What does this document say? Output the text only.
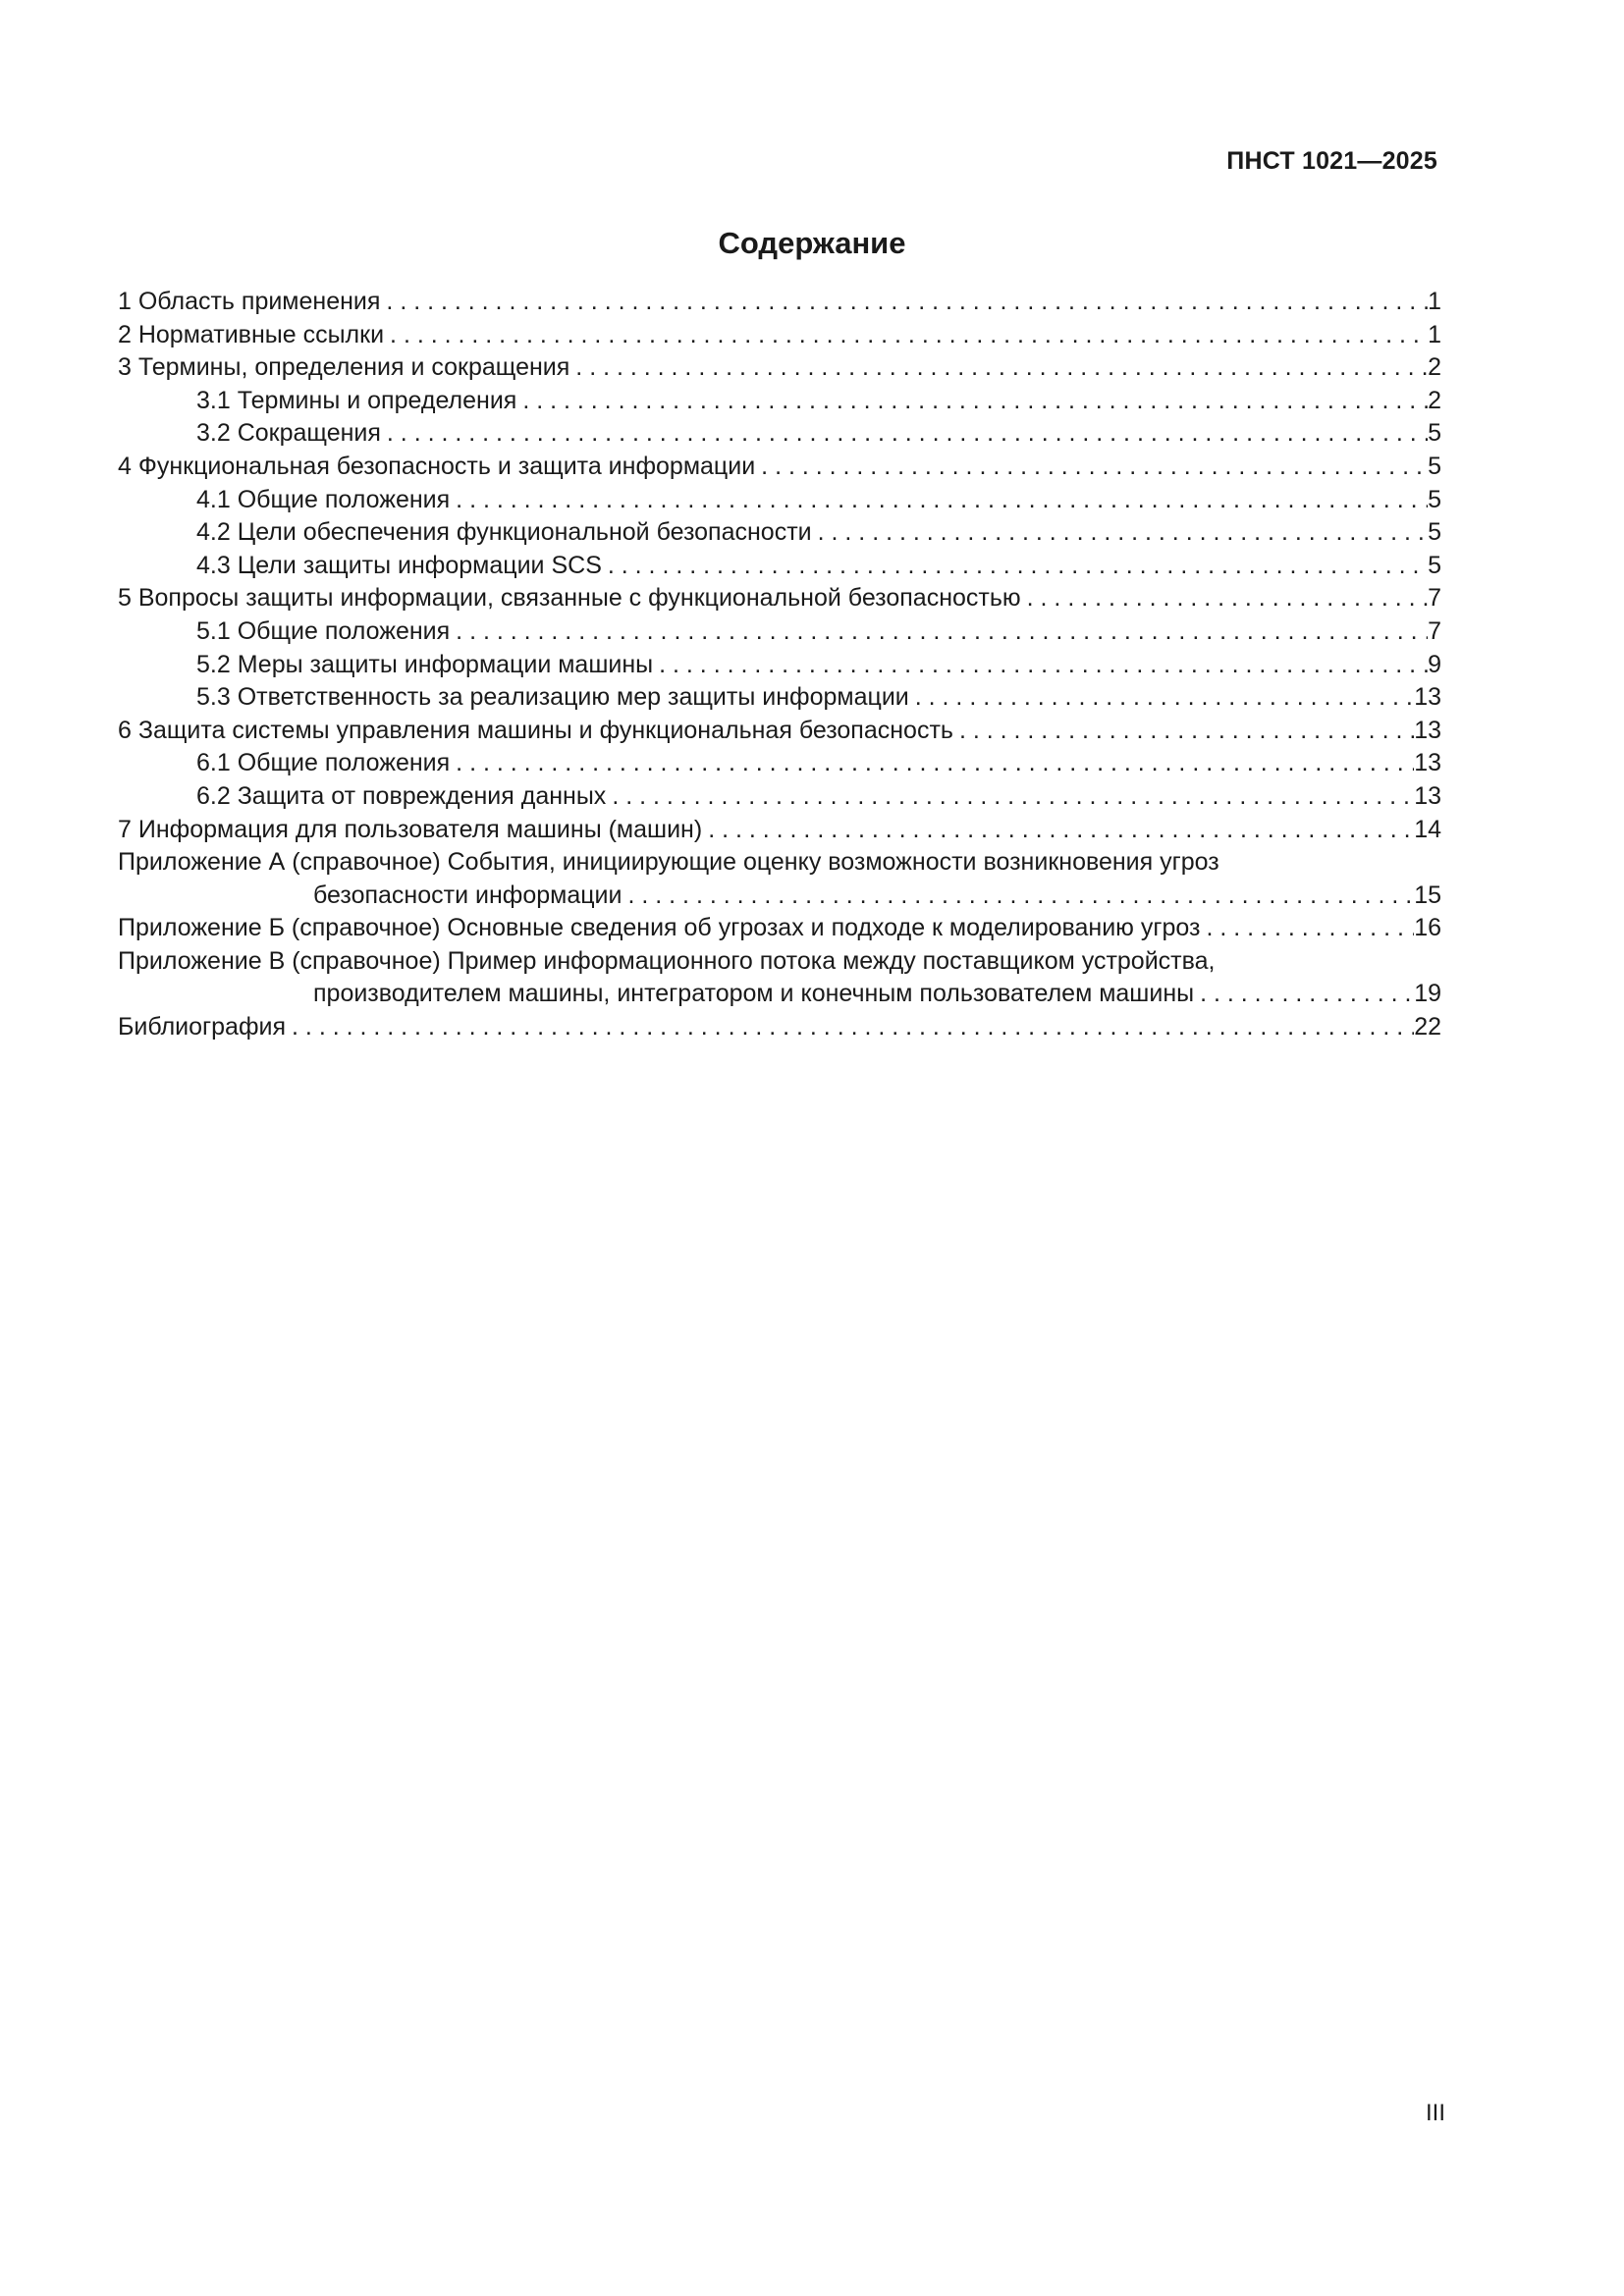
ПНСТ 1021—2025
Содержание
1 Область применения . . .	1
2 Нормативные ссылки . . .	1
3 Термины, определения и сокращения . . .	2
3.1 Термины и определения . . .	2
3.2 Сокращения . . .	5
4 Функциональная безопасность и защита информации . . .	5
4.1 Общие положения . . .	5
4.2 Цели обеспечения функциональной безопасности . . .	5
4.3 Цели защиты информации SCS . . .	5
5 Вопросы защиты информации, связанные с функциональной безопасностью . . .	7
5.1 Общие положения . . .	7
5.2 Меры защиты информации машины . . .	9
5.3 Ответственность за реализацию мер защиты информации . . .	13
6 Защита системы управления машины и функциональная безопасность . . .	13
6.1 Общие положения . . .	13
6.2 Защита от повреждения данных . . .	13
7 Информация для пользователя машины (машин) . . .	14
Приложение А (справочное) События, инициирующие оценку возможности возникновения угроз
безопасности информации . . .	15
Приложение Б (справочное) Основные сведения об угрозах и подходе к моделированию угроз . . .	16
Приложение В (справочное) Пример информационного потока между поставщиком устройства,
производителем машины, интегратором и конечным пользователем машины . . .	19
Библиография . . .	22
III
